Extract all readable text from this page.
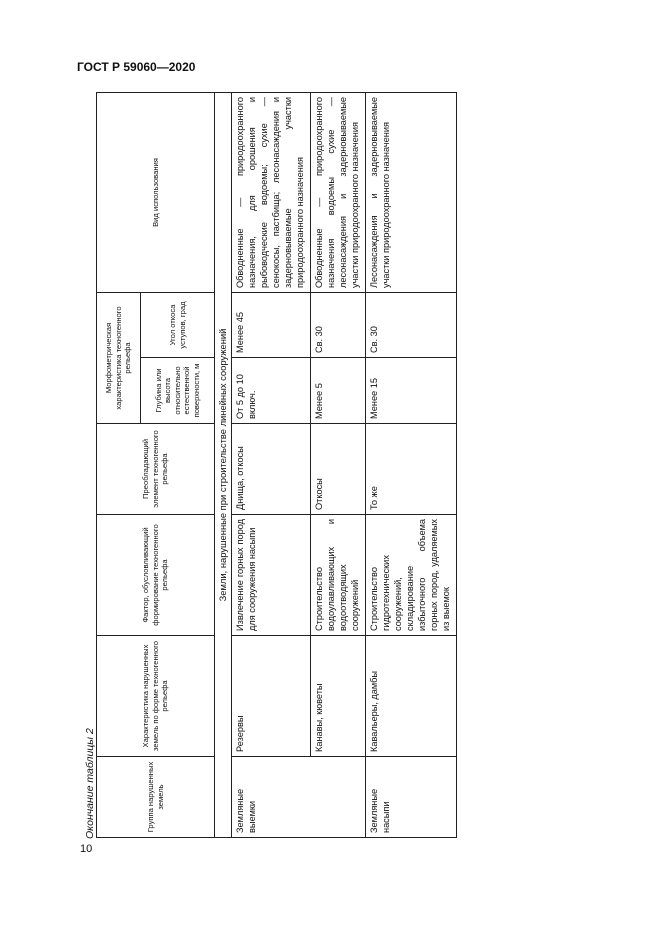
ГОСТ Р 59060—2020
10
Окончание таблицы 2	Группа нарушенных земель	Характеристика нарушенных земель по форме техногенного рельефа	Фактор, обусловливающий формирование техногенного рельефа	Преобладающий элемент техногенного рельефа	Морфометрическая характеристика техногенного рельефа		Вид использования
				Глубина или высота относительно естественной поверхности, м	Угол откоса уступов, град	
Земли, нарушенные при строительстве линейных сооружений						
Земляные выемки	Резервы	Извлечение горных пород для сооружения насыпи	Днища, откосы	От 5 до 10 включ.	Менее 45	Обводненные — природоохранного назначения, для орошения и рыбоводческие водоемы; сухие — сенокосы, пастбища; лесонасаждения и задерновываемые участки природоохранного назначения
	Канавы, кюветы	Строительство водоулавливающих и водоотводящих сооружений	Откосы	Менее 5	Св. 30	Обводненные — природоохранного назначения водоемы сухие — лесонасаждения и задерновываемые участки природоохранного назначения
Земляные насыпи	Кавальеры, дамбы	Строительство гидротехнических сооружений, складирование избыточного объема горных пород, удаляемых из выемок	То же	Менее 15	Св. 30	Лесонасаждения и задерновываемые участки природоохранного назначения
